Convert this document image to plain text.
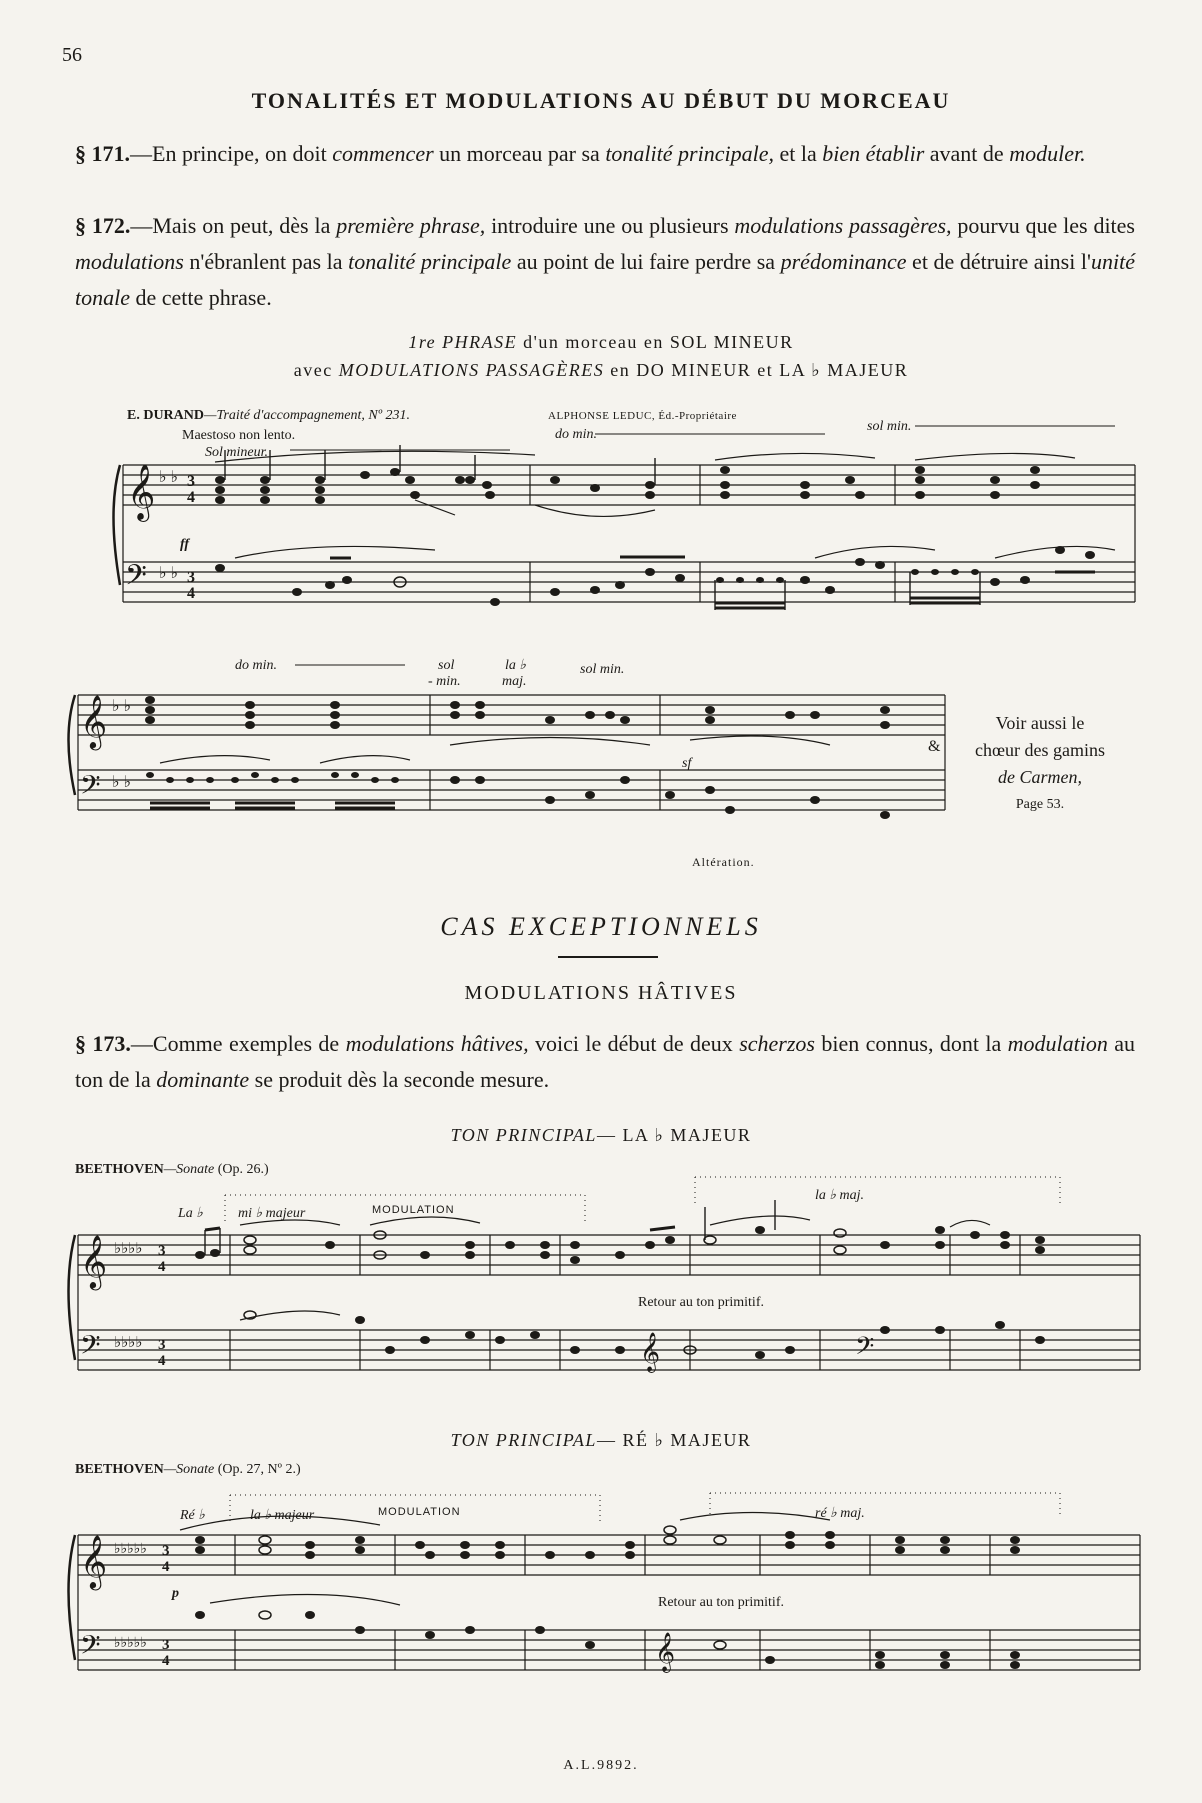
56
TONALITÉS ET MODULATIONS AU DÉBUT DU MORCEAU

§ 171.—En principe, on doit commencer un morceau par sa tonalité principale, et la bien établir avant de moduler.

§ 172.—Mais on peut, dès la première phrase, introduire une ou plusieurs modulations passagères, pourvu que les dites modulations n'ébranlent pas la tonalité principale au point de lui faire perdre sa prédominance et de détruire ainsi l'unité tonale de cette phrase.

1re PHRASE d'un morceau en SOL MINEUR
avec MODULATIONS PASSAGÈRES en DO MINEUR et LA ♭ MAJEUR
E. DURAND—Traité d'accompagnement, Nº 231.	ALPHONSE LEDUC, Éd.-Propriétaire
Maestoso non lento.
𝄞
𝄢
♭ ♭
♭ ♭
3
4
3
4
ff
Sol mineur.
do min.
sol min.
𝄞
𝄢
♭ ♭
♭ ♭
do min.	sol
- min.
la ♭
maj.
sol min.
sf
Altération.
&
Voir aussi le
chœur des gamins
de Carmen,
Page 53.
CAS EXCEPTIONNELS
MODULATIONS HÂTIVES

§ 173.—Comme exemples de modulations hâtives, voici le début de deux scherzos bien connus, dont la modulation au ton de la dominante se produit dès la seconde mesure.

TON PRINCIPAL— LA ♭ MAJEUR
BEETHOVEN—Sonate (Op. 26.)
𝄞
𝄢
♭♭♭♭
♭♭♭♭
3
4
3
4	𝄞	𝄢
La ♭	mi ♭ majeur	MODULATION
la ♭ maj.
Retour au ton primitif.
TON PRINCIPAL— RÉ ♭ MAJEUR
BEETHOVEN—Sonate (Op. 27, Nº 2.)
𝄞
𝄢
♭♭♭♭♭
♭♭♭♭♭
3
4
3
4	𝄞
Ré ♭	la ♭ majeur	MODULATION	ré ♭ maj.
p
Retour au ton primitif.
A.L.9892.
